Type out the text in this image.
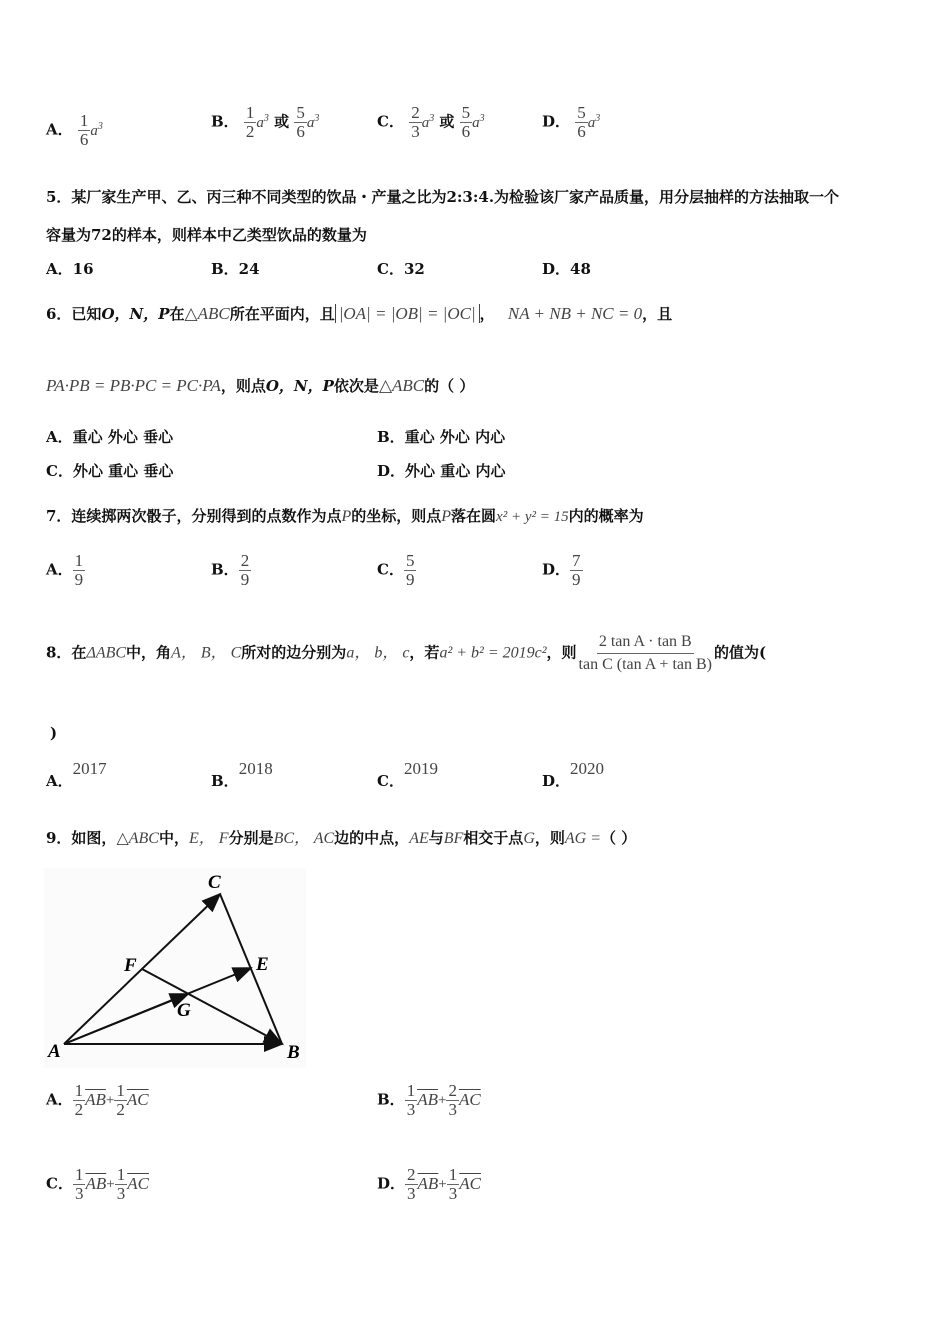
A． $\frac{1}{6} a^3$	B． $\frac{1}{2} a^3$ 或 $\frac{5}{6} a^3$	C． $\frac{2}{3} a^3$ 或 $\frac{5}{6} a^3$	D． $\frac{5}{6} a^3$
5．某厂家生产甲、乙、丙三种不同类型的饮品・产量之比为2:3:4.为检验该厂家产品质量，用分层抽样的方法抽取一个
容量为72的样本，则样本中乙类型饮品的数量为
A．16	B．24	C．32	D．48
6．已知O，N，P在△ABC所在平面内，且 |OA| = |OB| = |OC| ， NA + NB + NC = 0，且
PA·PB = PB·PC = PC·PA，则点O，N，P依次是△ABC的（ ）
A．重心 外心 垂心	B．重心 外心 内心
C．外心 重心 垂心	D．外心 重心 内心
7．连续掷两次骰子，分别得到的点数作为点P的坐标，则点P落在圆x² + y² = 15内的概率为
A． $\frac{1}{9}$	B． $\frac{2}{9}$	C． $\frac{5}{9}$	D． $\frac{7}{9}$
8．在ΔABC中，角A， B， C所对的边分别为a， b， c，若a² + b² = 2019c²，则 $\frac{\text{2 tan A · tan B}}{\text{tan C (tan A + tan B)}}$ 的值为(
)
A．2017
B．2018
C．2019
D．2020
9．如图，△ABC中，E， F分别是BC， AC边的中点，AE与BF相交于点G，则AG =（ ）
A	B
C
E
F
G
A． $\frac{1}{2} \overline{AB}+ \frac{1}{2} \overline{AC}$	B． $\frac{1}{3} \overline{AB}+ \frac{2}{3} \overline{AC}$
C． $\frac{1}{3} \overline{AB}+ \frac{1}{3} \overline{AC}$	D． $\frac{2}{3} \overline{AB}+ \frac{1}{3} \overline{AC}$
